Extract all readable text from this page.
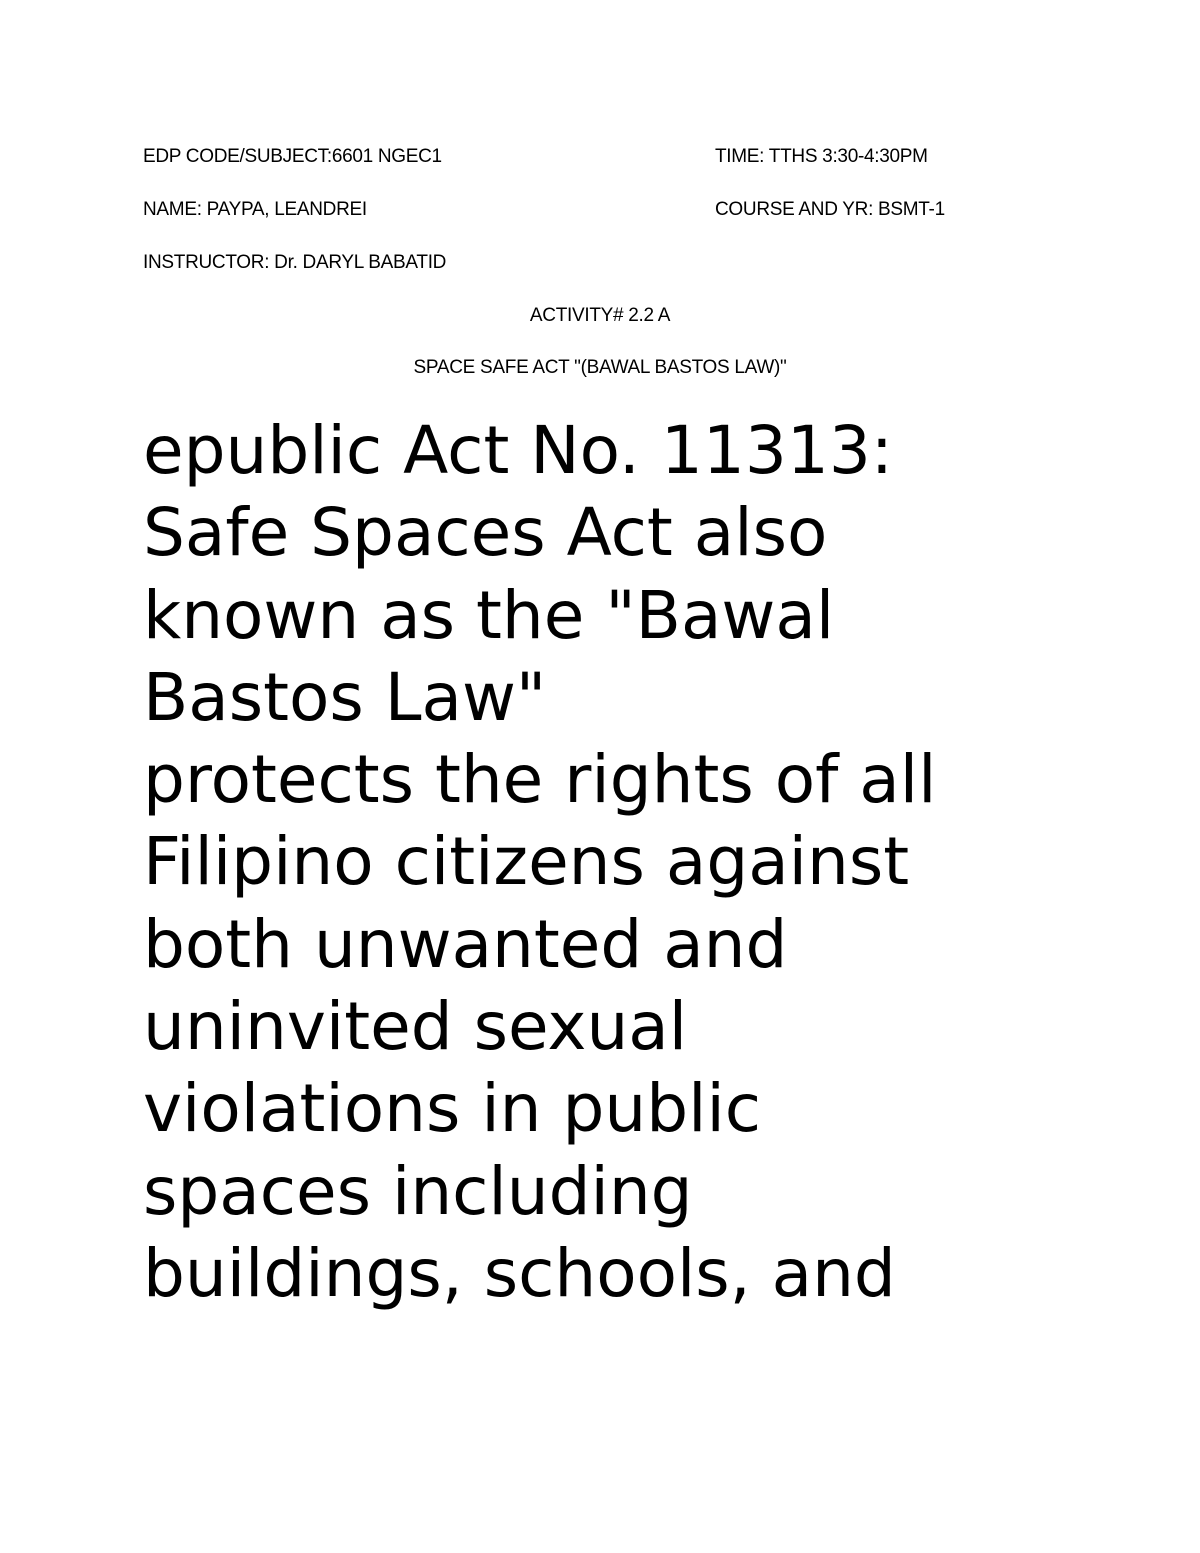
EDP CODE/SUBJECT:6601 NGEC1	TIME: TTHS 3:30-4:30PM
NAME: PAYPA, LEANDREI	COURSE AND YR: BSMT-1
INSTRUCTOR: Dr. DARYL BABATID
ACTIVITY# 2.2 A
SPACE SAFE ACT "(BAWAL BASTOS LAW)"
epublic Act No. 11313:
Safe Spaces Act also
known as the "Bawal
Bastos Law"
protects the rights of all
Filipino citizens against
both unwanted and
uninvited sexual
violations in public
spaces including
buildings, schools, and
